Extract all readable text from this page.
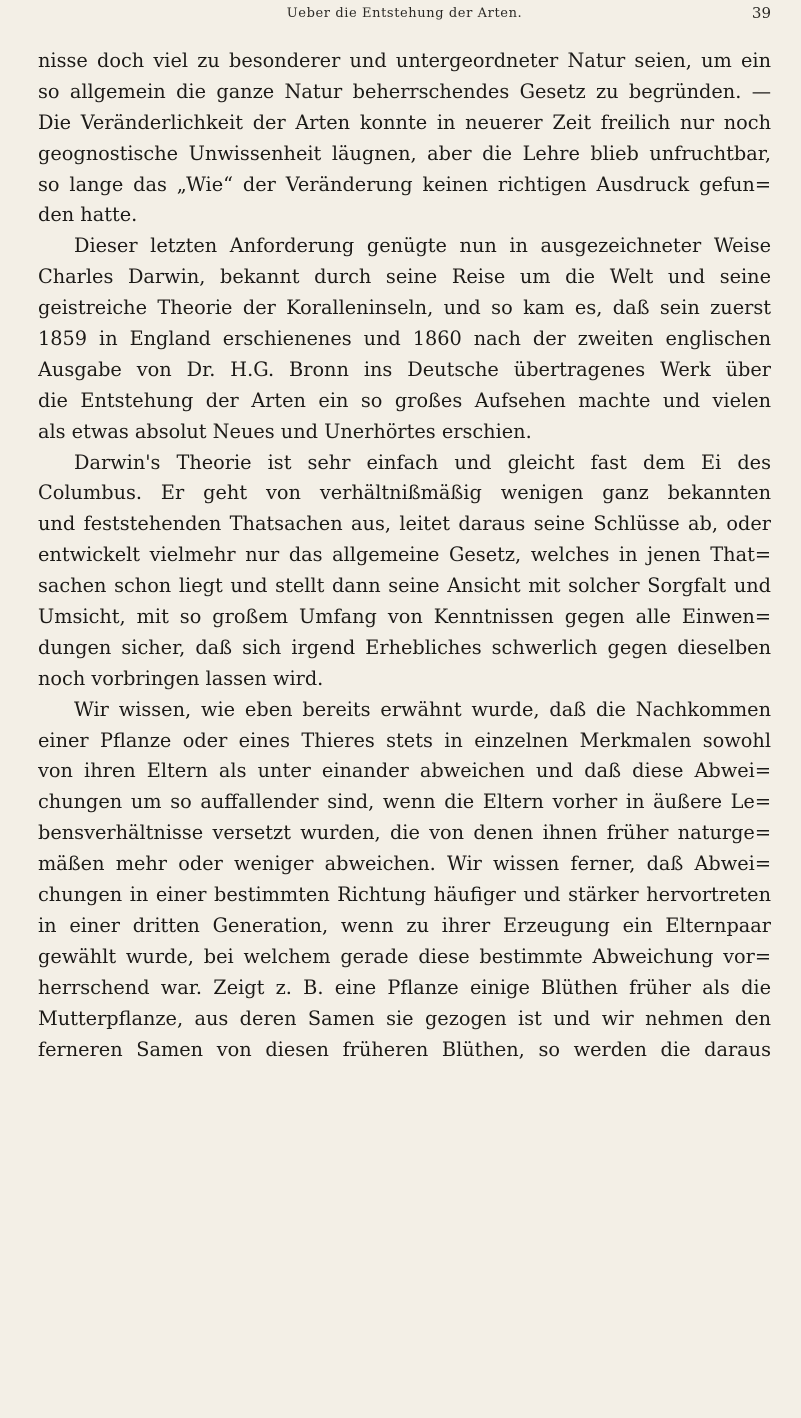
Ueber die Entstehung der Arten.	39
nisse doch viel zu besonderer und untergeordneter Natur seien, um ein
so allgemein die ganze Natur beherrschendes Gesetz zu begründen. —
Die Veränderlichkeit der Arten konnte in neuerer Zeit freilich nur noch
geognostische Unwissenheit läugnen, aber die Lehre blieb unfruchtbar,
so lange das „Wie“ der Veränderung keinen richtigen Ausdruck gefun=
den hatte.
Dieser letzten Anforderung genügte nun in ausgezeichneter Weise
Charles Darwin, bekannt durch seine Reise um die Welt und seine
geistreiche Theorie der Koralleninseln, und so kam es, daß sein zuerst
1859 in England erschienenes und 1860 nach der zweiten englischen
Ausgabe von Dr. H.G. Bronn ins Deutsche übertragenes Werk über
die Entstehung der Arten ein so großes Aufsehen machte und vielen
als etwas absolut Neues und Unerhörtes erschien.
Darwin's Theorie ist sehr einfach und gleicht fast dem Ei des
Columbus. Er geht von verhältnißmäßig wenigen ganz bekannten
und feststehenden Thatsachen aus, leitet daraus seine Schlüsse ab, oder
entwickelt vielmehr nur das allgemeine Gesetz, welches in jenen That=
sachen schon liegt und stellt dann seine Ansicht mit solcher Sorgfalt und
Umsicht, mit so großem Umfang von Kenntnissen gegen alle Einwen=
dungen sicher, daß sich irgend Erhebliches schwerlich gegen dieselben
noch vorbringen lassen wird.
Wir wissen, wie eben bereits erwähnt wurde, daß die Nachkommen
einer Pflanze oder eines Thieres stets in einzelnen Merkmalen sowohl
von ihren Eltern als unter einander abweichen und daß diese Abwei=
chungen um so auffallender sind, wenn die Eltern vorher in äußere Le=
bensverhältnisse versetzt wurden, die von denen ihnen früher naturge=
mäßen mehr oder weniger abweichen. Wir wissen ferner, daß Abwei=
chungen in einer bestimmten Richtung häufiger und stärker hervortreten
in einer dritten Generation, wenn zu ihrer Erzeugung ein Elternpaar
gewählt wurde, bei welchem gerade diese bestimmte Abweichung vor=
herrschend war. Zeigt z. B. eine Pflanze einige Blüthen früher als die
Mutterpflanze, aus deren Samen sie gezogen ist und wir nehmen den
ferneren Samen von diesen früheren Blüthen, so werden die daraus
